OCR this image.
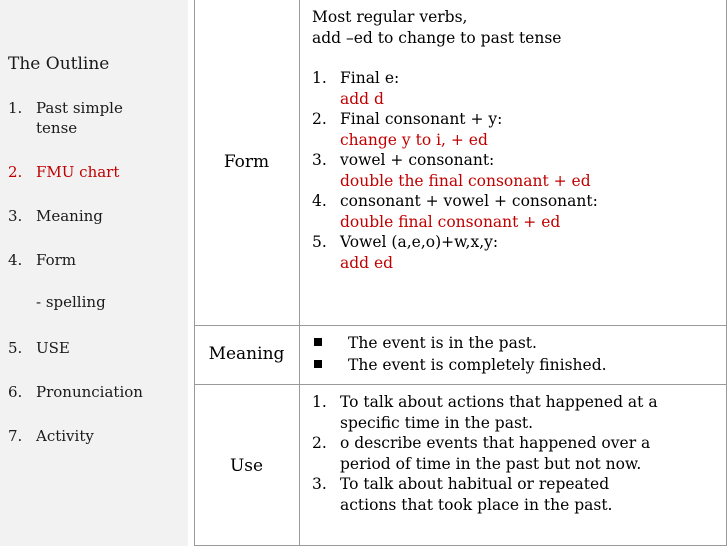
The Outline
1. Past simple
tense
2. FMU chart
3. Meaning
4. Form
- spelling
5. USE
6. Pronunciation
7. Activity
Form
Most regular verbs,
add –ed to change to past tense
1. Final e:
add d
2. Final consonant + y:
change y to i, + ed
3. vowel + consonant:
double the final consonant + ed
4. consonant + vowel + consonant:
double final consonant + ed
5. Vowel (a,e,o)+w,x,y:
add ed
Meaning
The event is in the past.
The event is completely finished.
Use
1. To talk about actions that happened at a
specific time in the past.
2. o describe events that happened over a
period of time in the past but not now.
3. To talk about habitual or repeated
actions that took place in the past.
